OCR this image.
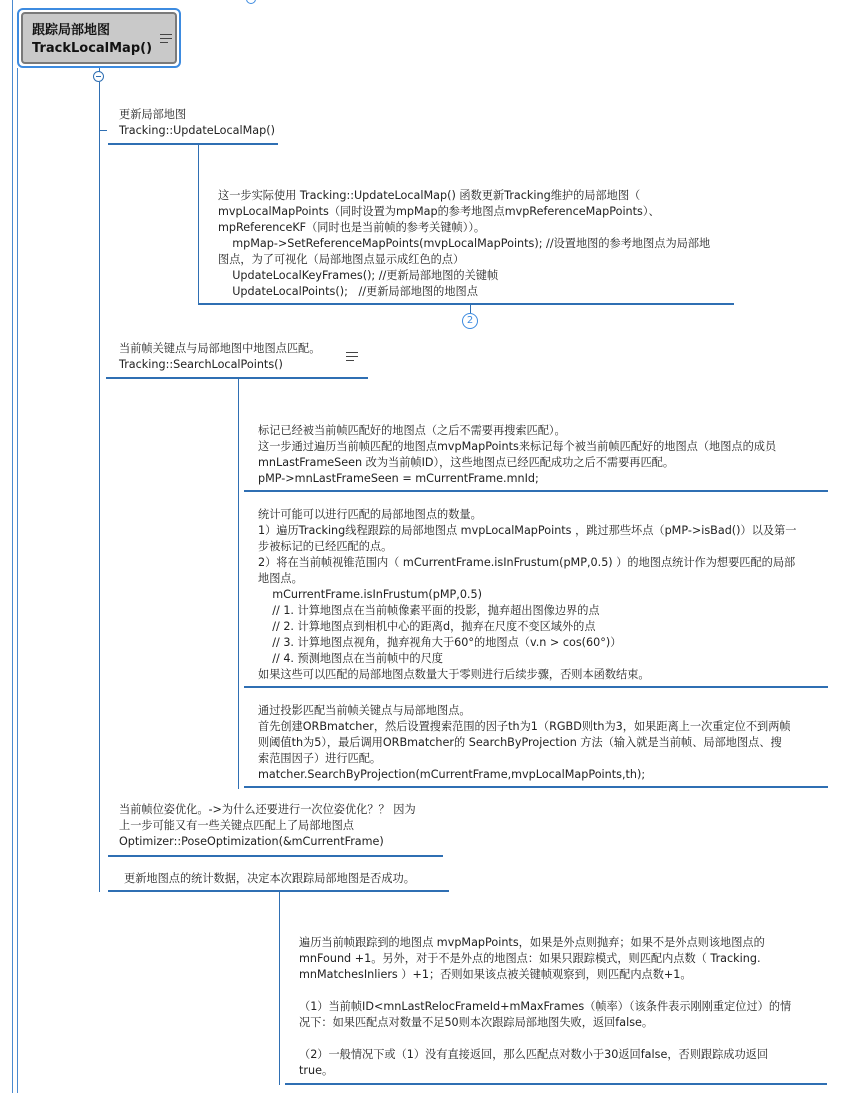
跟踪局部地图
TrackLocalMap()
更新局部地图
Tracking::UpdateLocalMap()
这一步实际使用 Tracking::UpdateLocalMap() 函数更新Tracking维护的局部地图（
mvpLocalMapPoints（同时设置为mpMap的参考地图点mvpReferenceMapPoints）、
mpReferenceKF（同时也是当前帧的参考关键帧））。
mpMap->SetReferenceMapPoints(mvpLocalMapPoints); //设置地图的参考地图点为局部地
图点，为了可视化（局部地图点显示成红色的点）
UpdateLocalKeyFrames(); //更新局部地图的关键帧
UpdateLocalPoints();   //更新局部地图的地图点
2
当前帧关键点与局部地图中地图点匹配。
Tracking::SearchLocalPoints()
标记已经被当前帧匹配好的地图点（之后不需要再搜索匹配）。
这一步通过遍历当前帧匹配的地图点mvpMapPoints来标记每个被当前帧匹配好的地图点（地图点的成员
mnLastFrameSeen 改为当前帧ID），这些地图点已经匹配成功之后不需要再匹配。
pMP->mnLastFrameSeen = mCurrentFrame.mnId;
统计可能可以进行匹配的局部地图点的数量。
1）遍历Tracking线程跟踪的局部地图点 mvpLocalMapPoints ，跳过那些坏点（pMP->isBad()）以及第一
步被标记的已经匹配的点。
2）将在当前帧视锥范围内（ mCurrentFrame.isInFrustum(pMP,0.5) ）的地图点统计作为想要匹配的局部
地图点。
mCurrentFrame.isInFrustum(pMP,0.5)
// 1. 计算地图点在当前帧像素平面的投影，抛弃超出图像边界的点
// 2. 计算地图点到相机中心的距离d，抛弃在尺度不变区域外的点
// 3. 计算地图点视角，抛弃视角大于60°的地图点（v.n > cos(60°)）
// 4. 预测地图点在当前帧中的尺度
如果这些可以匹配的局部地图点数量大于零则进行后续步骤，否则本函数结束。
通过投影匹配当前帧关键点与局部地图点。
首先创建ORBmatcher，然后设置搜索范围的因子th为1（RGBD则th为3，如果距离上一次重定位不到两帧
则阈值th为5），最后调用ORBmatcher的 SearchByProjection 方法（输入就是当前帧、局部地图点、搜
索范围因子）进行匹配。
matcher.SearchByProjection(mCurrentFrame,mvpLocalMapPoints,th);
当前帧位姿优化。->为什么还要进行一次位姿优化？？ 因为
上一步可能又有一些关键点匹配上了局部地图点
Optimizer::PoseOptimization(&mCurrentFrame)
更新地图点的统计数据，决定本次跟踪局部地图是否成功。
遍历当前帧跟踪到的地图点 mvpMapPoints，如果是外点则抛弃；如果不是外点则该地图点的
mnFound +1。另外，对于不是外点的地图点：如果只跟踪模式，则匹配内点数（ Tracking.
mnMatchesInliers ）+1；否则如果该点被关键帧观察到，则匹配内点数+1。

（1）当前帧ID<mnLastRelocFrameId+mMaxFrames（帧率）（该条件表示刚刚重定位过）的情
况下：如果匹配点对数量不足50则本次跟踪局部地图失败，返回false。

（2）一般情况下或（1）没有直接返回，那么匹配点对数小于30返回false，否则跟踪成功返回
true。
